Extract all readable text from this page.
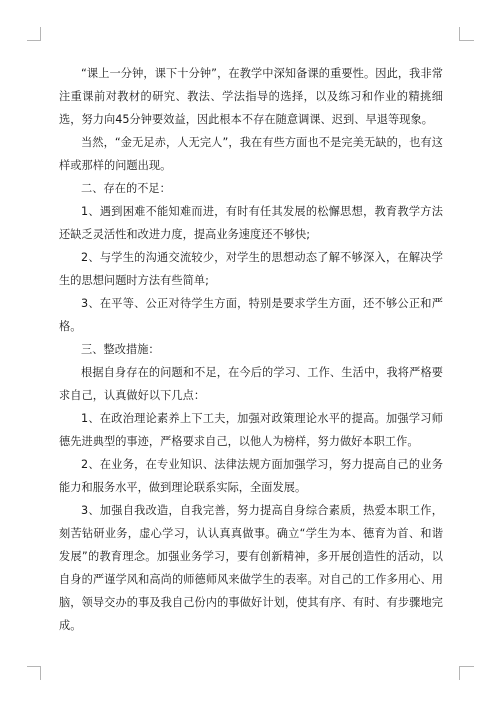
“课上一分钟，课下十分钟”，在教学中深知备课的重要性。因此，我非常注重课前对教材的研究、教法、学法指导的选择，以及练习和作业的精挑细选，努力向45分钟要效益，因此根本不存在随意调课、迟到、早退等现象。

当然，“金无足赤，人无完人”，我在有些方面也不是完美无缺的，也有这样或那样的问题出现。

二、存在的不足：

1、遇到困难不能知难而进，有时有任其发展的松懈思想，教育教学方法还缺乏灵活性和改进力度，提高业务速度还不够快;

2、与学生的沟通交流较少，对学生的思想动态了解不够深入，在解决学生的思想问题时方法有些简单;

3、在平等、公正对待学生方面，特别是要求学生方面，还不够公正和严格。

三、整改措施：

根据自身存在的问题和不足，在今后的学习、工作、生活中，我将严格要求自己，认真做好以下几点：

1、在政治理论素养上下工夫，加强对政策理论水平的提高。加强学习师德先进典型的事迹，严格要求自己，以他人为榜样，努力做好本职工作。

2、在业务，在专业知识、法律法规方面加强学习，努力提高自己的业务能力和服务水平，做到理论联系实际，全面发展。

3、加强自我改造，自我完善，努力提高自身综合素质，热爱本职工作，刻苦钻研业务，虚心学习，认认真真做事。确立“学生为本、德育为首、和谐发展”的教育理念。加强业务学习，要有创新精神，多开展创造性的活动，以自身的严谨学风和高尚的师德师风来做学生的表率。对自己的工作多用心、用脑，领导交办的事及我自己份内的事做好计划，使其有序、有时、有步骤地完成。
